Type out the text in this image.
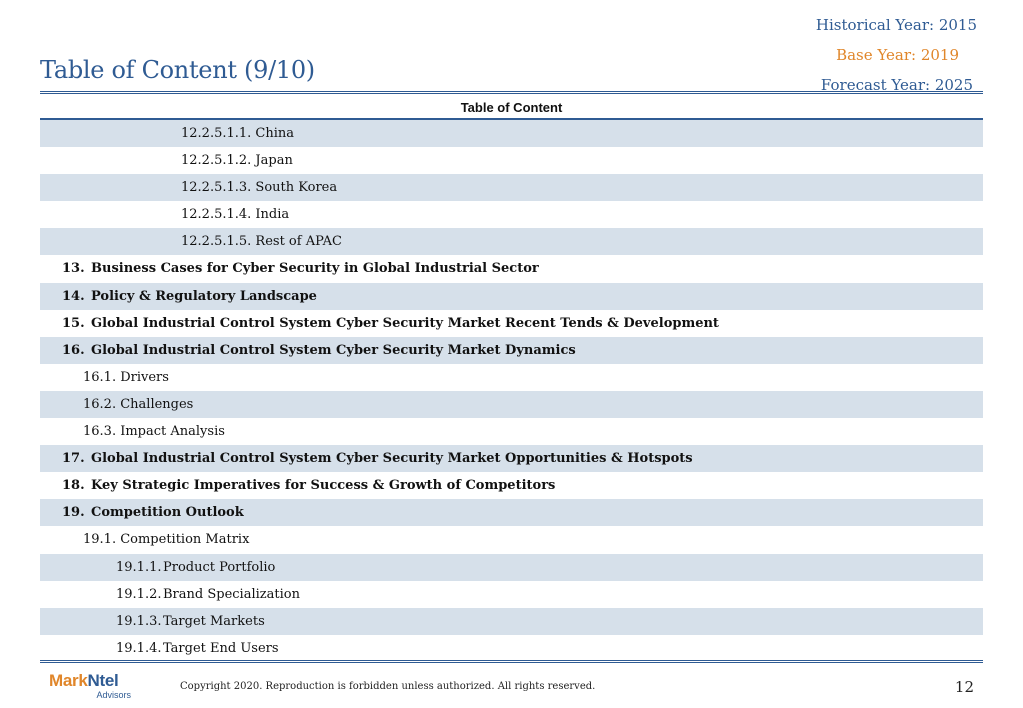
Historical Year: 2015
Base Year: 2019
Forecast Year: 2025
Table of Content (9/10)
Table of Content
12.2.5.1.1. China
12.2.5.1.2. Japan
12.2.5.1.3. South Korea
12.2.5.1.4. India
12.2.5.1.5. Rest of APAC
13. Business Cases for Cyber Security in Global Industrial Sector
14. Policy & Regulatory Landscape
15. Global Industrial Control System Cyber Security Market Recent Tends & Development
16. Global Industrial Control System Cyber Security Market Dynamics
16.1. Drivers
16.2. Challenges
16.3. Impact Analysis
17. Global Industrial Control System Cyber Security Market Opportunities & Hotspots
18. Key Strategic Imperatives for Success & Growth of Competitors
19. Competition Outlook
19.1. Competition Matrix
19.1.1. Product Portfolio
19.1.2. Brand Specialization
19.1.3. Target Markets
19.1.4. Target End Users
MarkNtel
Advisors
Copyright 2020. Reproduction is forbidden unless authorized. All rights reserved.	12
